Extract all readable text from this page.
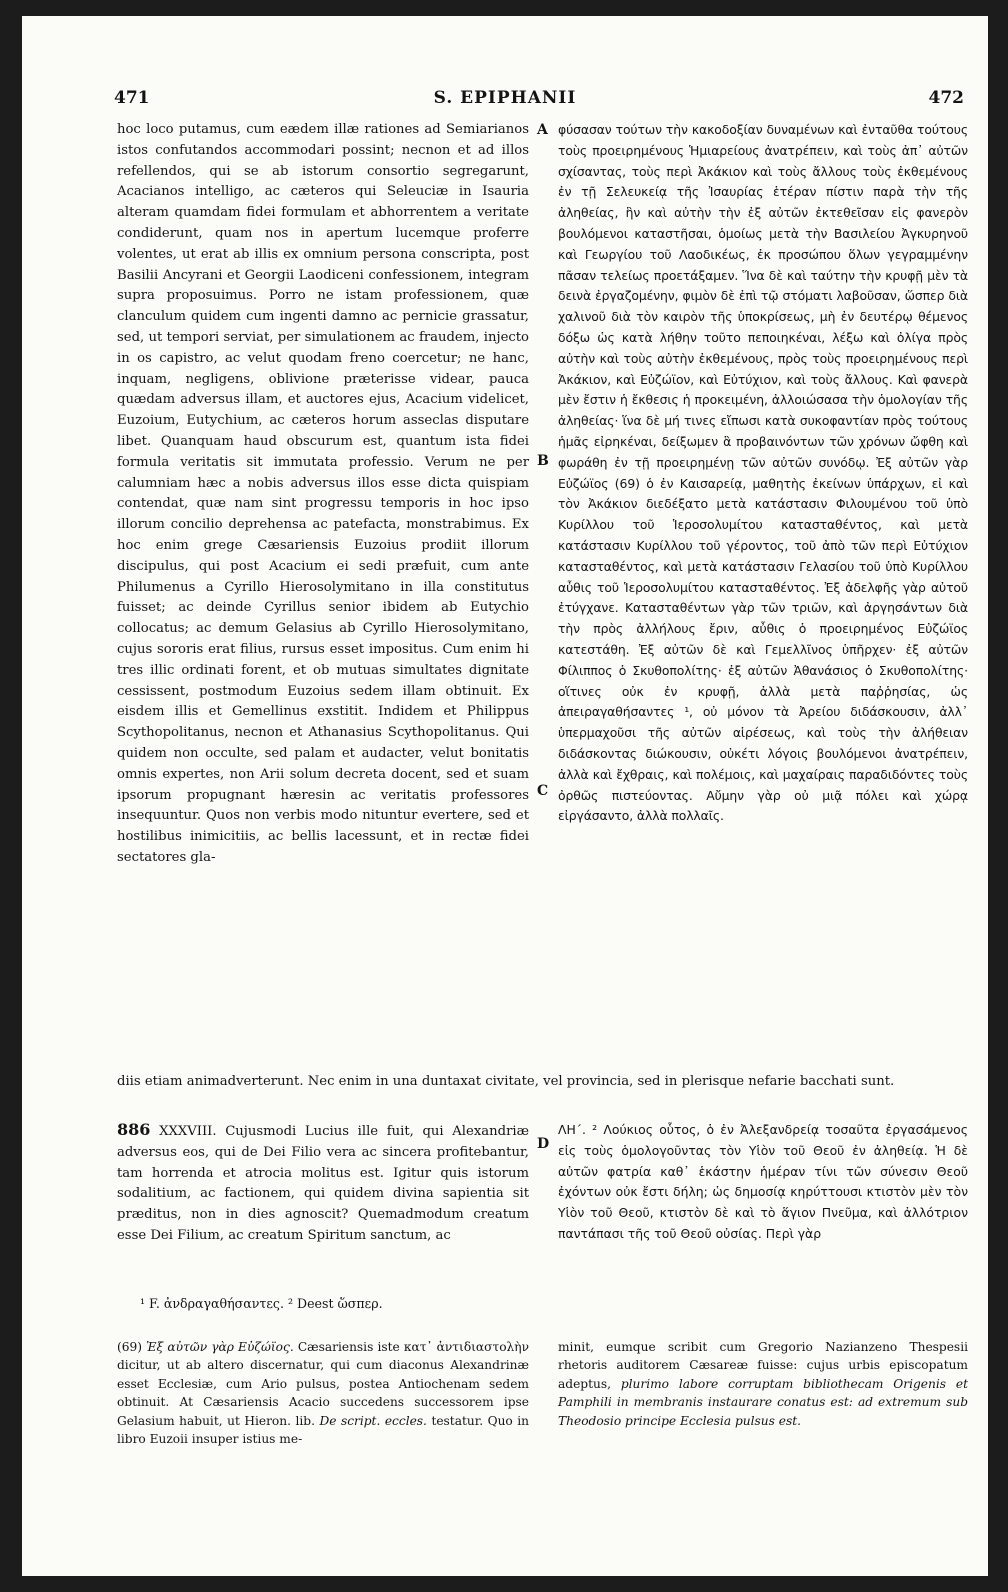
471	S. EPIPHANII	472
A
B
C
D

hoc loco putamus, cum eædem illæ rationes ad Semiarianos istos confutandos accommodari possint; necnon et ad illos refellendos, qui se ab istorum consortio segregarunt, Acacianos intelligo, ac cæteros qui Seleuciæ in Isauria alteram quamdam fidei formulam et abhorrentem a veritate condiderunt, quam nos in apertum lucemque proferre volentes, ut erat ab illis ex omnium persona conscripta, post Basilii Ancyrani et Georgii Laodiceni confessionem, integram supra proposuimus. Porro ne istam professionem, quæ clanculum quidem cum ingenti damno ac pernicie grassatur, sed, ut tempori serviat, per simulationem ac fraudem, injecto in os capistro, ac velut quodam freno coercetur; ne hanc, inquam, negligens, oblivione præterisse videar, pauca quædam adversus illam, et auctores ejus, Acacium videlicet, Euzoium, Eutychium, ac cæteros horum asseclas disputare libet. Quanquam haud obscurum est, quantum ista fidei formula veritatis sit immutata professio. Verum ne per calumniam hæc a nobis adversus illos esse dicta quispiam contendat, quæ nam sint progressu temporis in hoc ipso illorum concilio deprehensa ac patefacta, monstrabimus. Ex hoc enim grege Cæsariensis Euzoius prodiit illorum discipulus, qui post Acacium ei sedi præfuit, cum ante Philumenus a Cyrillo Hierosolymitano in illa constitutus fuisset; ac deinde Cyrillus senior ibidem ab Eutychio collocatus; ac demum Gelasius ab Cyrillo Hierosolymitano, cujus sororis erat filius, rursus esset impositus. Cum enim hi tres illic ordinati forent, et ob mutuas simultates dignitate cessissent, postmodum Euzoius sedem illam obtinuit. Ex eisdem illis et Gemellinus exstitit. Indidem et Philippus Scythopolitanus, necnon et Athanasius Scythopolitanus. Qui quidem non occulte, sed palam et audacter, velut bonitatis omnis expertes, non Arii solum decreta docent, sed et suam ipsorum propugnant hæresin ac veritatis professores insequuntur. Quos non verbis modo nituntur evertere, sed et hostilibus inimicitiis, ac bellis lacessunt, et in rectæ fidei sectatores gla-

φύσασαν τούτων τὴν κακοδοξίαν δυναμένων καὶ ἐνταῦθα τούτους τοὺς προειρημένους Ἡμιαρείους ἀνατρέπειν, καὶ τοὺς ἀπ᾽ αὐτῶν σχίσαντας, τοὺς περὶ Ἀκάκιον καὶ τοὺς ἄλλους τοὺς ἐκθεμένους ἐν τῇ Σελευκείᾳ τῆς Ἰσαυρίας ἑτέραν πίστιν παρὰ τὴν τῆς ἀληθείας, ἣν καὶ αὐτὴν τὴν ἐξ αὐτῶν ἐκτεθεῖσαν εἰς φανερὸν βουλόμενοι καταστῆσαι, ὁμοίως μετὰ τὴν Βασιλείου Ἀγκυρηνοῦ καὶ Γεωργίου τοῦ Λαοδικέως, ἐκ προσώπου ὅλων γεγραμμένην πᾶσαν τελείως προετάξαμεν. Ἵνα δὲ καὶ ταύτην τὴν κρυφῇ μὲν τὰ δεινὰ ἐργαζομένην, φιμὸν δὲ ἐπὶ τῷ στόματι λαβοῦσαν, ὥσπερ διὰ χαλινοῦ διὰ τὸν καιρὸν τῆς ὑποκρίσεως, μὴ ἐν δευτέρῳ θέμενος δόξω ὡς κατὰ λήθην τοῦτο πεποιηκέναι, λέξω καὶ ὀλίγα πρὸς αὐτὴν καὶ τοὺς αὐτὴν ἐκθεμένους, πρὸς τοὺς προειρημένους περὶ Ἀκάκιον, καὶ Εὐζώϊον, καὶ Εὐτύχιον, καὶ τοὺς ἄλλους. Καὶ φανερὰ μὲν ἔστιν ἡ ἔκθεσις ἡ προκειμένη, ἀλλοιώσασα τὴν ὁμολογίαν τῆς ἀληθείας· ἵνα δὲ μή τινες εἴπωσι κατὰ συκοφαντίαν πρὸς τούτους ἡμᾶς εἰρηκέναι, δείξωμεν ἃ προβαινόντων τῶν χρόνων ὤφθη καὶ φωράθη ἐν τῇ προειρημένῃ τῶν αὐτῶν συνόδῳ. Ἐξ αὐτῶν γὰρ Εὐζώϊος (69) ὁ ἐν Καισαρείᾳ, μαθητὴς ἐκείνων ὑπάρχων, εἰ καὶ τὸν Ἀκάκιον διεδέξατο μετὰ κατάστασιν Φιλουμένου τοῦ ὑπὸ Κυρίλλου τοῦ Ἱεροσολυμίτου κατασταθέντος, καὶ μετὰ κατάστασιν Κυρίλλου τοῦ γέροντος, τοῦ ἀπὸ τῶν περὶ Εὐτύχιον κατασταθέντος, καὶ μετὰ κατάστασιν Γελασίου τοῦ ὑπὸ Κυρίλλου αὖθις τοῦ Ἱεροσολυμίτου κατασταθέντος. Ἐξ ἀδελφῆς γὰρ αὐτοῦ ἐτύγχανε. Κατασταθέντων γὰρ τῶν τριῶν, καὶ ἀργησάντων διὰ τὴν πρὸς ἀλλήλους ἔριν, αὖθις ὁ προειρημένος Εὐζώϊος κατεστάθη. Ἐξ αὐτῶν δὲ καὶ Γεμελλῖνος ὑπῆρχεν· ἐξ αὐτῶν Φίλιππος ὁ Σκυθοπολίτης· ἐξ αὐτῶν Ἀθανάσιος ὁ Σκυθοπολίτης· οἵτινες οὐκ ἐν κρυφῇ, ἀλλὰ μετὰ παῤῥησίας, ὡς ἀπειραγαθήσαντες ¹, οὐ μόνον τὰ Ἀρείου διδάσκουσιν, ἀλλ᾽ ὑπερμαχοῦσι τῆς αὐτῶν αἱρέσεως, καὶ τοὺς τὴν ἀλήθειαν διδάσκοντας διώκουσιν, οὐκέτι λόγοις βουλόμενοι ἀνατρέπειν, ἀλλὰ καὶ ἔχθραις, καὶ πολέμοις, καὶ μαχαίραις παραδιδόντες τοὺς ὀρθῶς πιστεύοντας. Αὔμην γὰρ οὐ μιᾷ πόλει καὶ χώρᾳ εἰργάσαντο, ἀλλὰ πολλαῖς.

diis etiam animadverterunt. Nec enim in una duntaxat civitate, vel provincia, sed in plerisque nefarie bacchati sunt.

886 XXXVIII. Cujusmodi Lucius ille fuit, qui Alexandriæ adversus eos, qui de Dei Filio vera ac sincera profitebantur, tam horrenda et atrocia molitus est. Igitur quis istorum sodalitium, ac factionem, qui quidem divina sapientia sit præditus, non in dies agnoscit? Quemadmodum creatum esse Dei Filium, ac creatum Spiritum sanctum, ac

ΛΗ΄. ² Λούκιος οὗτος, ὁ ἐν Ἀλεξανδρείᾳ τοσαῦτα ἐργασάμενος εἰς τοὺς ὁμολογοῦντας τὸν Υἱὸν τοῦ Θεοῦ ἐν ἀληθείᾳ. Ἡ δὲ αὐτῶν φατρία καθ᾽ ἑκάστην ἡμέραν τίνι τῶν σύνεσιν Θεοῦ ἐχόντων οὐκ ἔστι δήλη; ὡς δημοσίᾳ κηρύττουσι κτιστὸν μὲν τὸν Υἱὸν τοῦ Θεοῦ, κτιστὸν δὲ καὶ τὸ ἅγιον Πνεῦμα, καὶ ἀλλότριον παντάπασι τῆς τοῦ Θεοῦ οὐσίας. Περὶ γὰρ

¹ F. ἀνδραγαθήσαντες. ² Deest ὥσπερ.
(69) Ἐξ αὐτῶν γὰρ Εὐζώϊος. Cæsariensis iste κατ᾽ ἀντιδιαστολὴν dicitur, ut ab altero discernatur, qui cum diaconus Alexandrinæ esset Ecclesiæ, cum Ario pulsus, postea Antiochenam sedem obtinuit. At Cæsariensis Acacio succedens successorem ipse Gelasium habuit, ut Hieron. lib. De script. eccles. testatur. Quo in libro Euzoii insuper istius me-
minit, eumque scribit cum Gregorio Nazianzeno Thespesii rhetoris auditorem Cæsareæ fuisse: cujus urbis episcopatum adeptus, plurimo labore corruptam bibliothecam Origenis et Pamphili in membranis instaurare conatus est: ad extremum sub Theodosio principe Ecclesia pulsus est.
